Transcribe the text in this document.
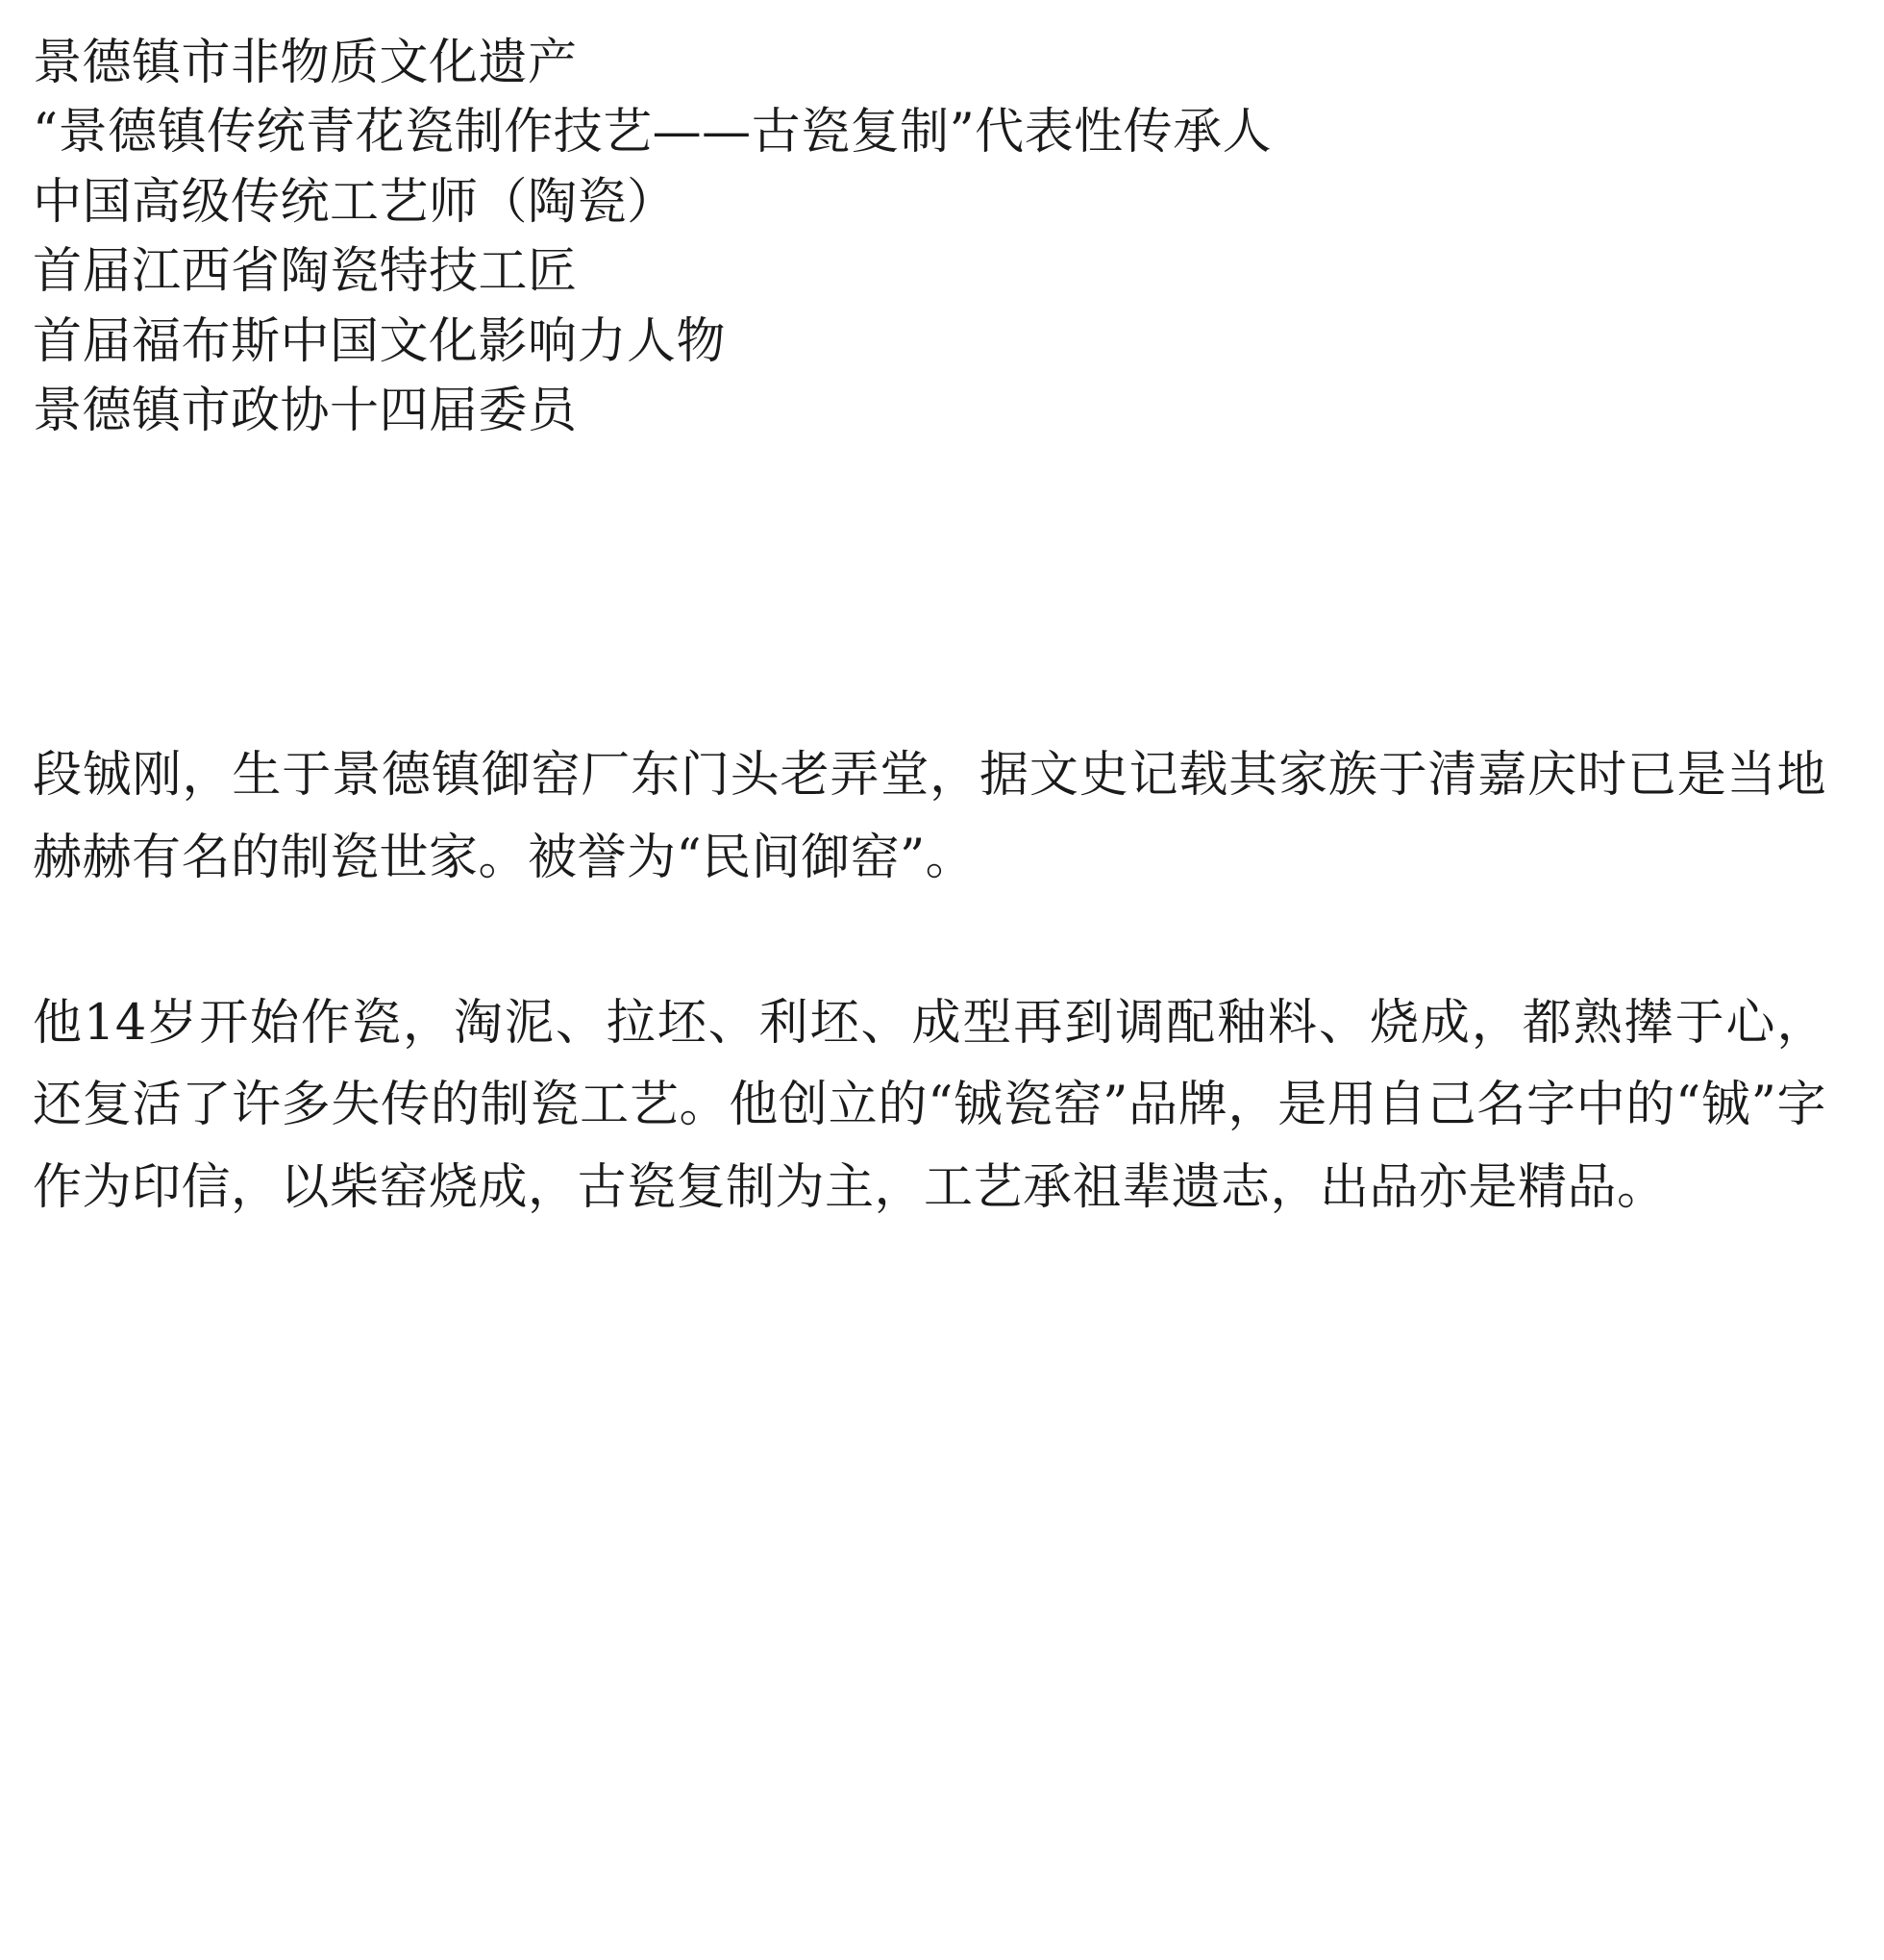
景德镇市非物质文化遗产
“景德镇传统青花瓷制作技艺——古瓷复制”代表性传承人
中国高级传统工艺师（陶瓷）
首届江西省陶瓷特技工匠
首届福布斯中国文化影响力人物
景德镇市政协十四届委员

段铖刚，生于景德镇御窑厂东门头老弄堂，据文史记载其家族于清嘉庆时已是当地赫赫有名的制瓷世家。被誉为“民间御窑”。

他14岁开始作瓷，淘泥、拉坯、利坯、成型再到调配釉料、烧成，都熟撵于心，还复活了许多失传的制瓷工艺。他创立的“铖瓷窑”品牌，是用自己名字中的“铖”字作为印信，以柴窑烧成，古瓷复制为主，工艺承祖辈遗志，出品亦是精品。
